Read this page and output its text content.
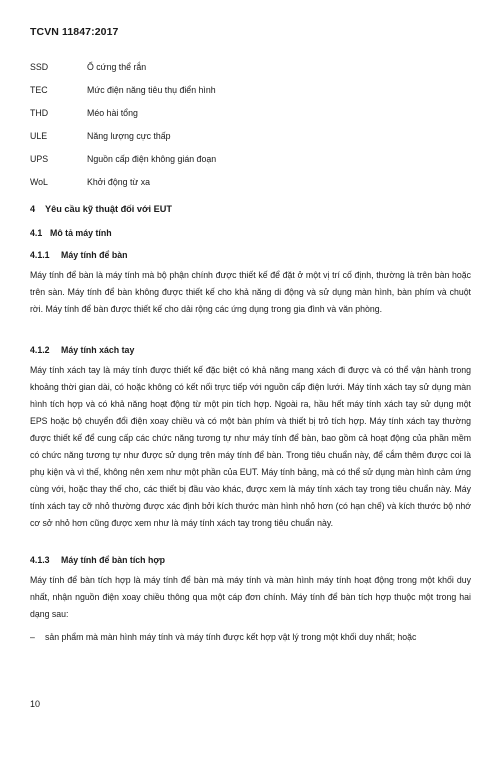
TCVN 11847:2017
SSD	Ổ cứng thể rắn
TEC	Mức điện năng tiêu thụ điển hình
THD	Méo hài tổng
ULE	Năng lượng cực thấp
UPS	Nguồn cấp điện không gián đoạn
WoL	Khởi động từ xa
4 Yêu cầu kỹ thuật đối với EUT
4.1 Mô tả máy tính
4.1.1 Máy tính để bàn

Máy tính để bàn là máy tính mà bộ phận chính được thiết kế để đặt ở một vị trí cố định, thường là trên bàn hoặc trên sàn. Máy tính để bàn không được thiết kế cho khả năng di động và sử dụng màn hình, bàn phím và chuột rời. Máy tính để bàn được thiết kế cho dải rộng các ứng dụng trong gia đình và văn phòng.

4.1.2 Máy tính xách tay

Máy tính xách tay là máy tính được thiết kế đặc biệt có khả năng mang xách đi được và có thể vận hành trong khoảng thời gian dài, có hoặc không có kết nối trực tiếp với nguồn cấp điện lưới. Máy tính xách tay sử dụng màn hình tích hợp và có khả năng hoạt động từ một pin tích hợp. Ngoài ra, hầu hết máy tính xách tay sử dụng một EPS hoặc bộ chuyển đổi điện xoay chiều và có một bàn phím và thiết bị trỏ tích hợp. Máy tính xách tay thường được thiết kế để cung cấp các chức năng tương tự như máy tính để bàn, bao gồm cả hoạt động của phần mềm có chức năng tương tự như được sử dụng trên máy tính để bàn. Trong tiêu chuẩn này, để cắm thêm được coi là phụ kiện và vì thế, không nên xem như một phần của EUT. Máy tính bảng, mà có thể sử dụng màn hình cảm ứng cùng với, hoặc thay thế cho, các thiết bị đầu vào khác, được xem là máy tính xách tay trong tiêu chuẩn này. Máy tính xách tay cỡ nhỏ thường được xác định bởi kích thước màn hình nhỏ hơn (có hạn chế) và kích thước bộ nhớ cơ sở nhỏ hơn cũng được xem như là máy tính xách tay trong tiêu chuẩn này.

4.1.3 Máy tính để bàn tích hợp

Máy tính để bàn tích hợp là máy tính để bàn mà máy tính và màn hình máy tính hoạt động trong một khối duy nhất, nhận nguồn điện xoay chiều thông qua một cáp đơn chính. Máy tính để bàn tích hợp thuộc một trong hai dạng sau:

–	sản phẩm mà màn hình máy tính và máy tính được kết hợp vật lý trong một khối duy nhất; hoặc
10
